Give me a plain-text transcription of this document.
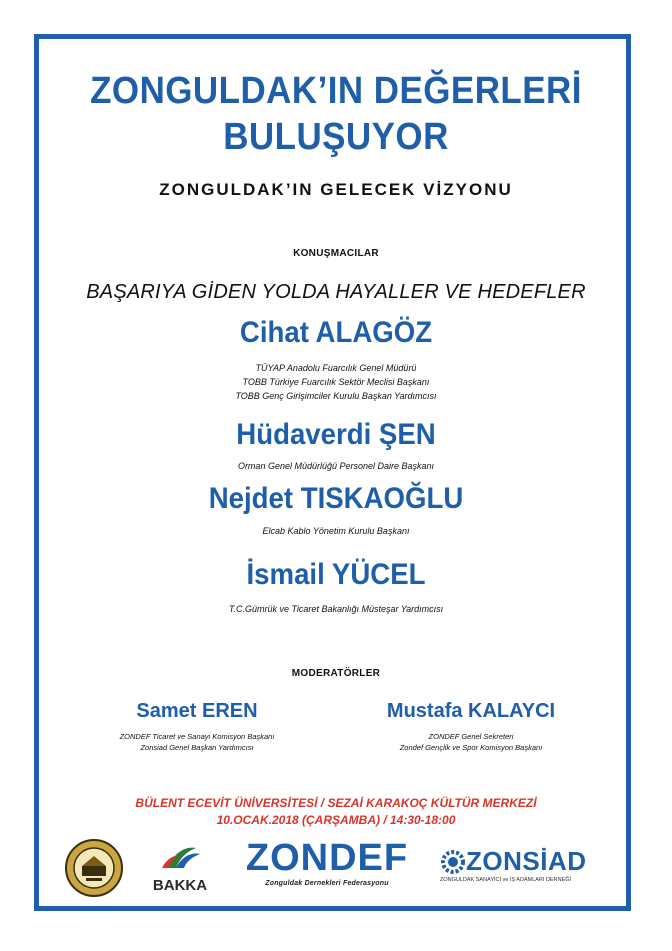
ZONGULDAK’IN DEĞERLERİ
BULUŞUYOR
ZONGULDAK’IN GELECEK VİZYONU
KONUŞMACILAR
BAŞARIYA GİDEN YOLDA HAYALLER VE HEDEFLER
Cihat ALAGÖZ
TÜYAP Anadolu Fuarcılık Genel Müdürü
TOBB Türkiye Fuarcılık Sektör Meclisi Başkanı
TOBB Genç Girişimciler Kurulu Başkan Yardımcısı
Hüdaverdi ŞEN
Orman Genel Müdürlüğü Personel Daire Başkanı
Nejdet TISKAOĞLU
Elcab Kablo Yönetim Kurulu Başkanı
İsmail YÜCEL
T.C.Gümrük ve Ticaret Bakanlığı Müsteşar Yardımcısı
MODERATÖRLER
Samet EREN
ZONDEF Ticaret ve Sanayi Komisyon Başkanı
Zonsiad Genel Başkan Yardımcısı
Mustafa KALAYCI
ZONDEF Genel Sekreteri
Zondef Gençlik ve Spor Komisyon Başkanı
BÜLENT ECEVİT ÜNİVERSİTESİ / SEZAİ KARAKOÇ KÜLTÜR MERKEZİ
10.OCAK.2018 (ÇARŞAMBA) / 14:30-18:00
BAKKA
ZONDEF
Zonguldak Dernekleri Federasyonu
ZONSİAD
ZONGULDAK SANAYİCİ ve İŞ ADAMLARI DERNEĞİ
